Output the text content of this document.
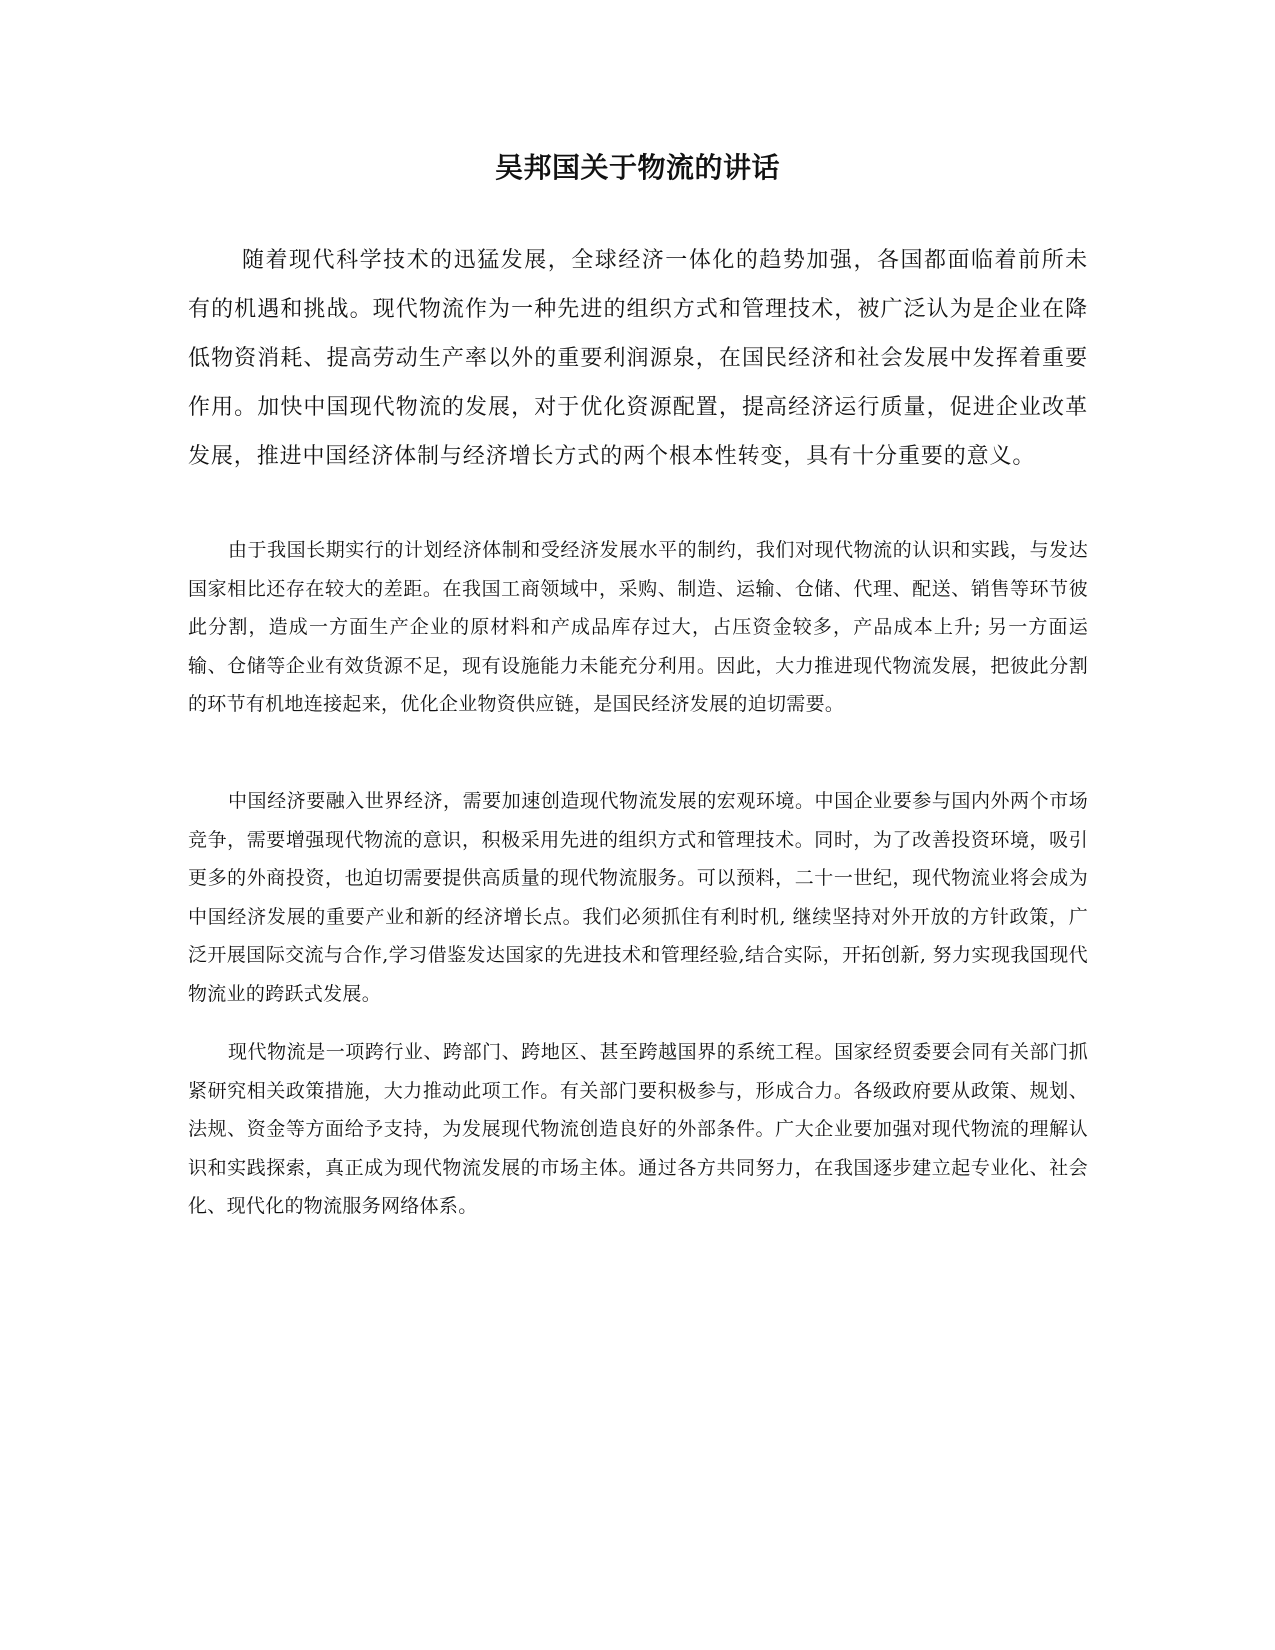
吴邦国关于物流的讲话

随着现代科学技术的迅猛发展，全球经济一体化的趋势加强，各国都面临着前所未有的机遇和挑战。现代物流作为一种先进的组织方式和管理技术，被广泛认为是企业在降低物资消耗、提高劳动生产率以外的重要利润源泉，在国民经济和社会发展中发挥着重要作用。加快中国现代物流的发展，对于优化资源配置，提高经济运行质量，促进企业改革发展，推进中国经济体制与经济增长方式的两个根本性转变，具有十分重要的意义。

由于我国长期实行的计划经济体制和受经济发展水平的制约，我们对现代物流的认识和实践，与发达国家相比还存在较大的差距。在我国工商领域中，采购、制造、运输、仓储、代理、配送、销售等环节彼此分割，造成一方面生产企业的原材料和产成品库存过大，占压资金较多，产品成本上升; 另一方面运输、仓储等企业有效货源不足，现有设施能力未能充分利用。因此，大力推进现代物流发展，把彼此分割的环节有机地连接起来，优化企业物资供应链，是国民经济发展的迫切需要。

中国经济要融入世界经济，需要加速创造现代物流发展的宏观环境。中国企业要参与国内外两个市场竞争，需要增强现代物流的意识，积极采用先进的组织方式和管理技术。同时，为了改善投资环境，吸引更多的外商投资，也迫切需要提供高质量的现代物流服务。可以预料，二十一世纪，现代物流业将会成为中国经济发展的重要产业和新的经济增长点。我们必须抓住有利时机, 继续坚持对外开放的方针政策，广泛开展国际交流与合作,学习借鉴发达国家的先进技术和管理经验,结合实际，开拓创新, 努力实现我国现代物流业的跨跃式发展。

现代物流是一项跨行业、跨部门、跨地区、甚至跨越国界的系统工程。国家经贸委要会同有关部门抓紧研究相关政策措施，大力推动此项工作。有关部门要积极参与，形成合力。各级政府要从政策、规划、法规、资金等方面给予支持，为发展现代物流创造良好的外部条件。广大企业要加强对现代物流的理解认识和实践探索，真正成为现代物流发展的市场主体。通过各方共同努力，在我国逐步建立起专业化、社会化、现代化的物流服务网络体系。
